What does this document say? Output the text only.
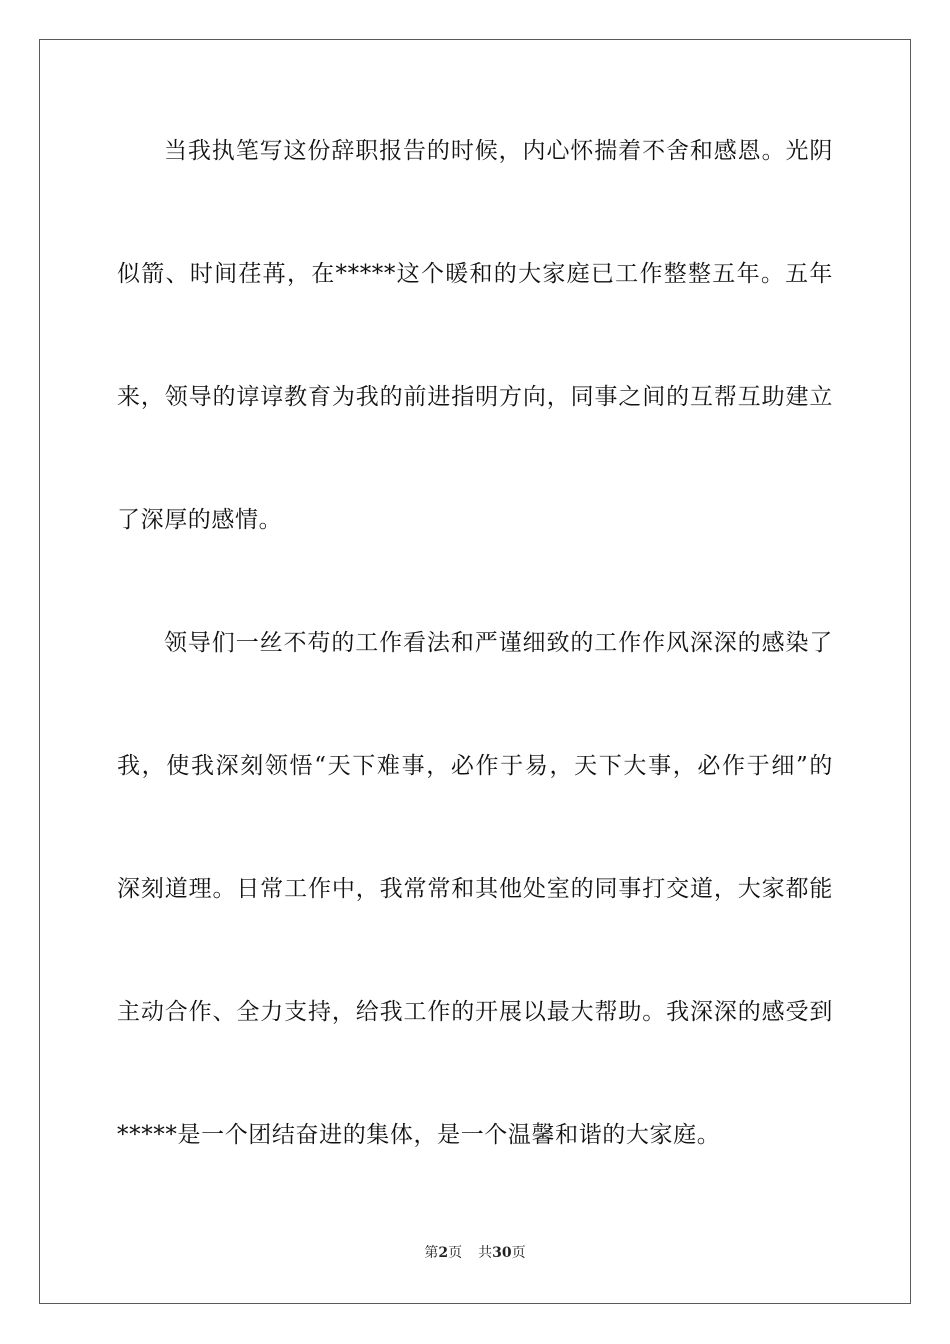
当我执笔写这份辞职报告的时候，内心怀揣着不舍和感恩。光阴
似箭、时间荏苒，在*****这个暖和的大家庭已工作整整五年。五年
来，领导的谆谆教育为我的前进指明方向，同事之间的互帮互助建立
了深厚的感情。
领导们一丝不苟的工作看法和严谨细致的工作作风深深的感染了
我，使我深刻领悟“天下难事，必作于易，天下大事，必作于细”的
深刻道理。日常工作中，我常常和其他处室的同事打交道，大家都能
主动合作、全力支持，给我工作的开展以最大帮助。我深深的感受到
*****是一个团结奋进的集体，是一个温馨和谐的大家庭。
第2页 共30页
